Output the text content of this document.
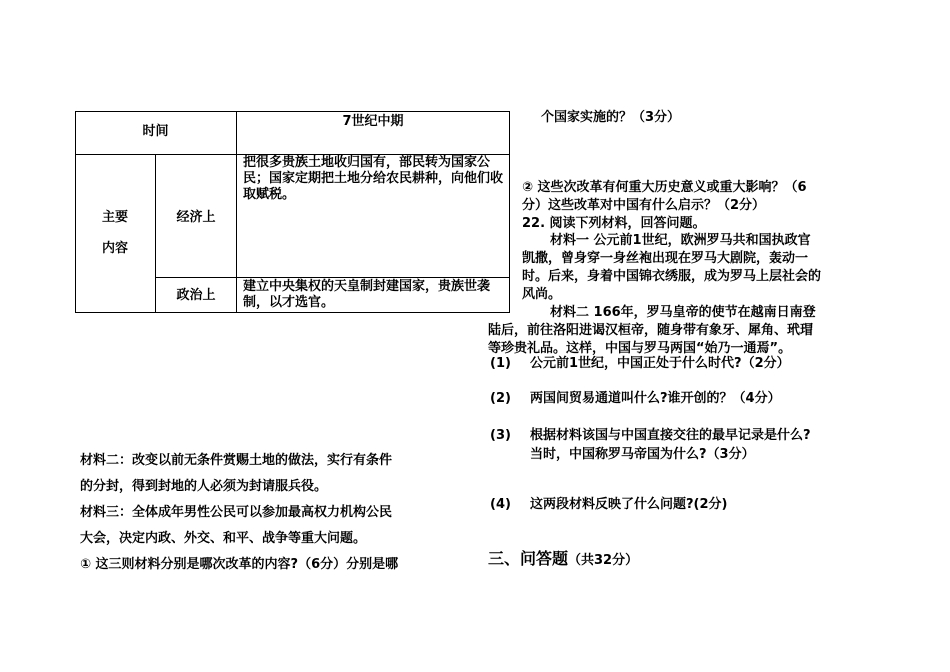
时间
7世纪中期
主要
内容
经济上
政治上
把很多贵族土地收归国有，部民转为国家公民；国家定期把土地分给农民耕种，向他们收取赋税。
建立中央集权的天皇制封建国家，贵族世袭制，以才选官。
材料二：改变以前无条件赏赐土地的做法，实行有条件
的分封，得到封地的人必须为封请服兵役。
材料三：全体成年男性公民可以参加最高权力机构公民
大会，决定内政、外交、和平、战争等重大问题。
① 这三则材料分别是哪次改革的内容?（6分）分别是哪
个国家实施的？（3分）
② 这些次改革有何重大历史意义或重大影响？（6
分）这些改革对中国有什么启示？（2分）
22. 阅读下列材料，回答问题。
材料一 公元前1世纪，欧洲罗马共和国执政官
凯撒，曾身穿一身丝袍出现在罗马大剧院，轰动一
时。后来，身着中国锦衣绣服，成为罗马上层社会的
风尚。
材料二 166年，罗马皇帝的使节在越南日南登
陆后，前往洛阳进谒汉桓帝，随身带有象牙、犀角、玳瑁
等珍贵礼品。这样，中国与罗马两国“始乃一通焉”。
(1) 公元前1世纪，中国正处于什么时代?（2分）
(2) 两国间贸易通道叫什么?谁开创的？（4分）
(3) 根据材料该国与中国直接交往的最早记录是什么?
当时，中国称罗马帝国为什么?（3分）
(4) 这两段材料反映了什么问题?(2分)
三、问答题（共32分）
